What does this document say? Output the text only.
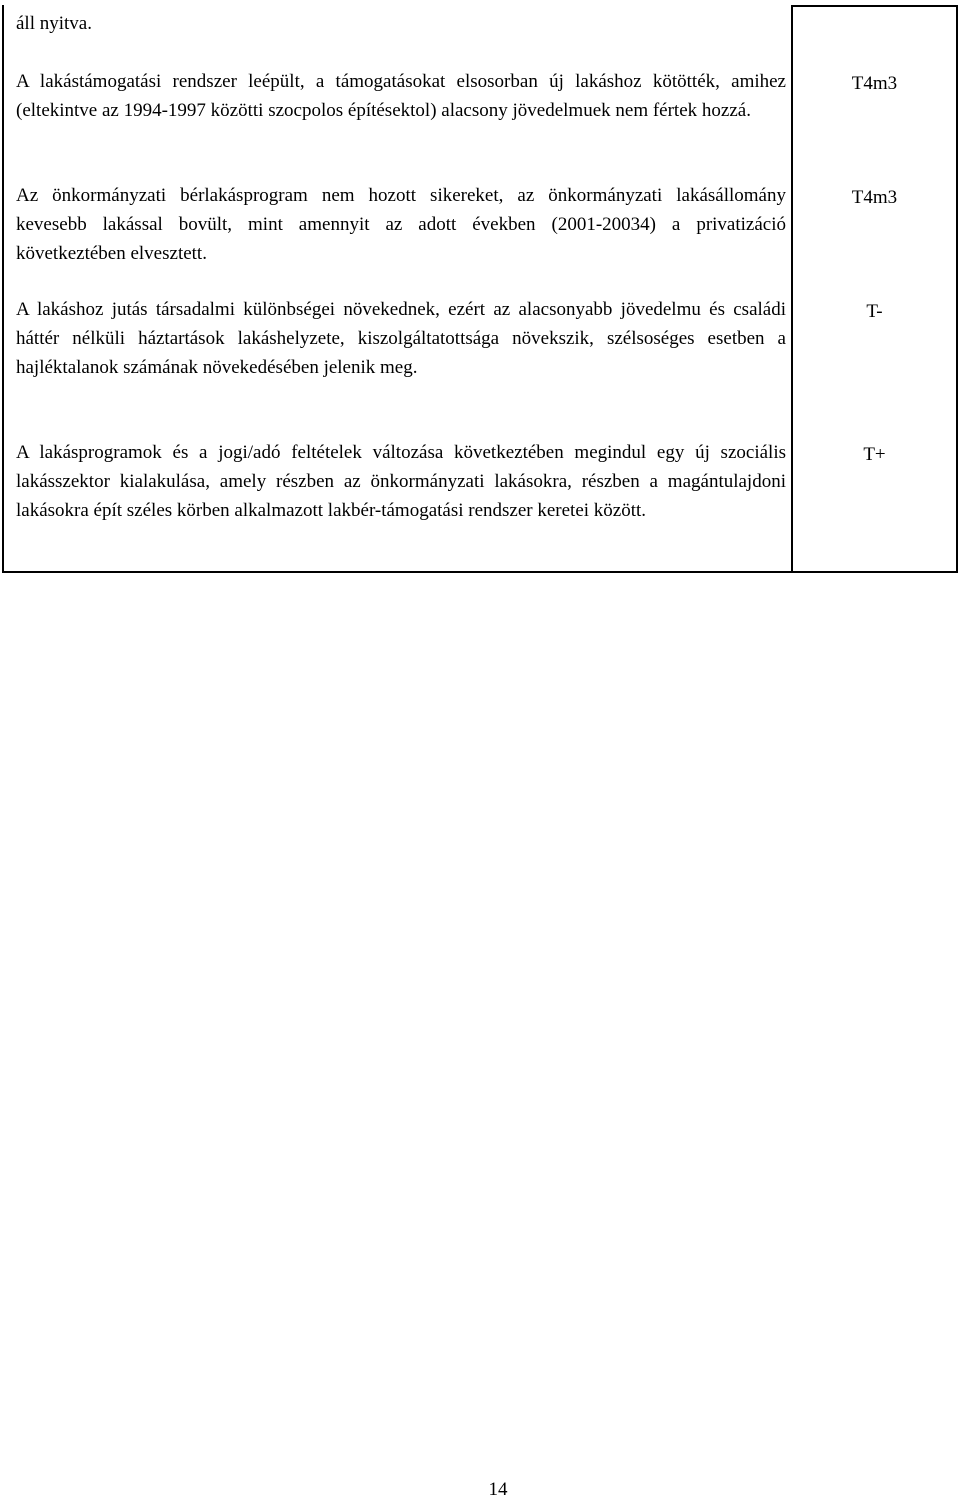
áll nyitva.

A lakástámogatási rendszer leépült, a támogatásokat elsosorban új lakáshoz kötötték, amihez (eltekintve az 1994-1997 közötti szocpolos építésektol) alacsony jövedelmuek nem fértek hozzá.

Az önkormányzati bérlakásprogram nem hozott sikereket, az önkormányzati lakásállomány kevesebb lakással bovült, mint amennyit az adott években (2001-20034) a privatizáció következtében elvesztett.

A lakáshoz jutás társadalmi különbségei növekednek, ezért az alacsonyabb jövedelmu és családi háttér nélküli háztartások lakáshelyzete, kiszolgáltatottsága növekszik, szélsoséges esetben a hajléktalanok számának növekedésében jelenik meg.

A lakásprogramok és a jogi/adó feltételek változása következtében megindul egy új szociális lakásszektor kialakulása, amely részben az önkormányzati lakásokra, részben a magántulajdoni lakásokra épít széles körben alkalmazott lakbér-támogatási rendszer keretei között.

T4m3
T4m3
T-
T+
14
